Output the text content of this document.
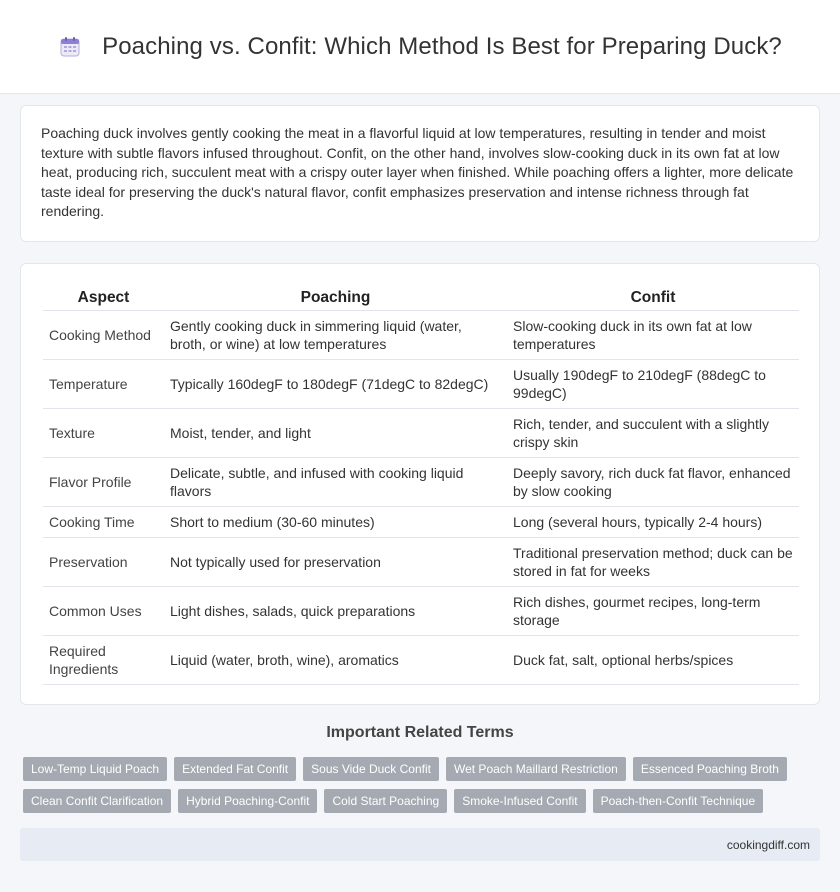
Poaching vs. Confit: Which Method Is Best for Preparing Duck?

Poaching duck involves gently cooking the meat in a flavorful liquid at low temperatures, resulting in tender and moist texture with subtle flavors infused throughout. Confit, on the other hand, involves slow-cooking duck in its own fat at low heat, producing rich, succulent meat with a crispy outer layer when finished. While poaching offers a lighter, more delicate taste ideal for preserving the duck's natural flavor, confit emphasizes preservation and intense richness through fat rendering.

Aspect	Poaching	Confit
Cooking Method	Gently cooking duck in simmering liquid (water, broth, or wine) at low temperatures	Slow-cooking duck in its own fat at low temperatures
Temperature	Typically 160degF to 180degF (71degC to 82degC)	Usually 190degF to 210degF (88degC to 99degC)
Texture	Moist, tender, and light	Rich, tender, and succulent with a slightly crispy skin
Flavor Profile	Delicate, subtle, and infused with cooking liquid flavors	Deeply savory, rich duck fat flavor, enhanced by slow cooking
Cooking Time	Short to medium (30-60 minutes)	Long (several hours, typically 2-4 hours)
Preservation	Not typically used for preservation	Traditional preservation method; duck can be stored in fat for weeks
Common Uses	Light dishes, salads, quick preparations	Rich dishes, gourmet recipes, long-term storage
Required Ingredients	Liquid (water, broth, wine), aromatics	Duck fat, salt, optional herbs/spices
Important Related Terms
Low-Temp Liquid Poach	Extended Fat Confit	Sous Vide Duck Confit	Wet Poach Maillard Restriction	Essenced Poaching Broth
Clean Confit Clarification	Hybrid Poaching-Confit	Cold Start Poaching	Smoke-Infused Confit	Poach-then-Confit Technique
cookingdiff.com
